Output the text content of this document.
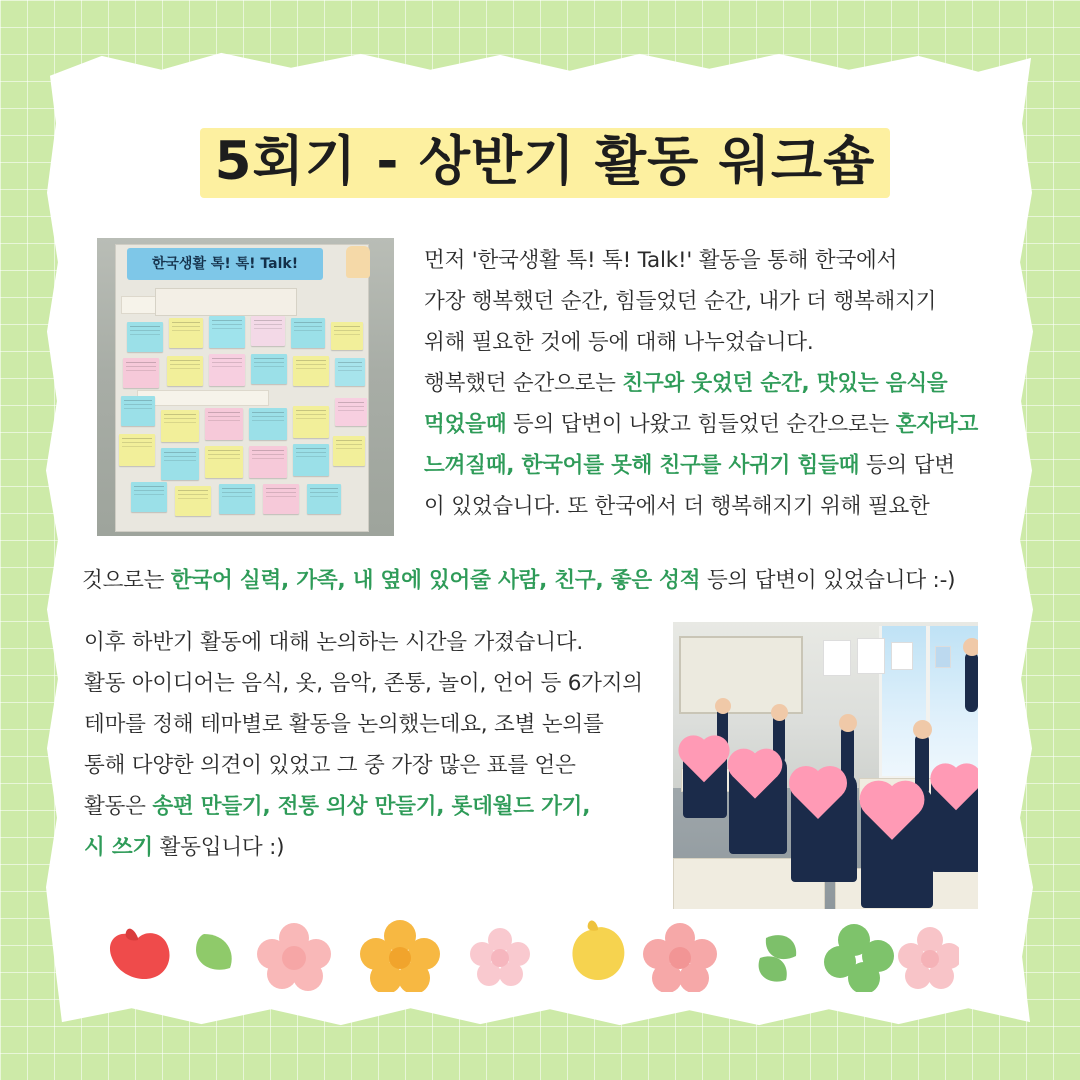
5회기 - 상반기 활동 워크숍
한국생활 톡! 톡! Talk!	먼저 '한국생활 톡! 톡! Talk!' 활동을 통해 한국에서
가장 행복했던 순간, 힘들었던 순간, 내가 더 행복해지기
위해 필요한 것에 등에 대해 나누었습니다.
행복했던 순간으로는 친구와 웃었던 순간, 맛있는 음식을
먹었을때 등의 답변이 나왔고 힘들었던 순간으로는 혼자라고
느껴질때, 한국어를 못해 친구를 사귀기 힘들때 등의 답변
이 있었습니다. 또 한국에서 더 행복해지기 위해 필요한
것으로는 한국어 실력, 가족, 내 옆에 있어줄 사람, 친구, 좋은 성적 등의 답변이 있었습니다 :-)
이후 하반기 활동에 대해 논의하는 시간을 가졌습니다.
활동 아이디어는 음식, 옷, 음악, 존통, 놀이, 언어 등 6가지의
테마를 정해 테마별로 활동을 논의했는데요, 조별 논의를
통해 다양한 의견이 있었고 그 중 가장 많은 표를 얻은
활동은 송편 만들기, 전통 의상 만들기, 롯데월드 가기,
시 쓰기 활동입니다 :)
